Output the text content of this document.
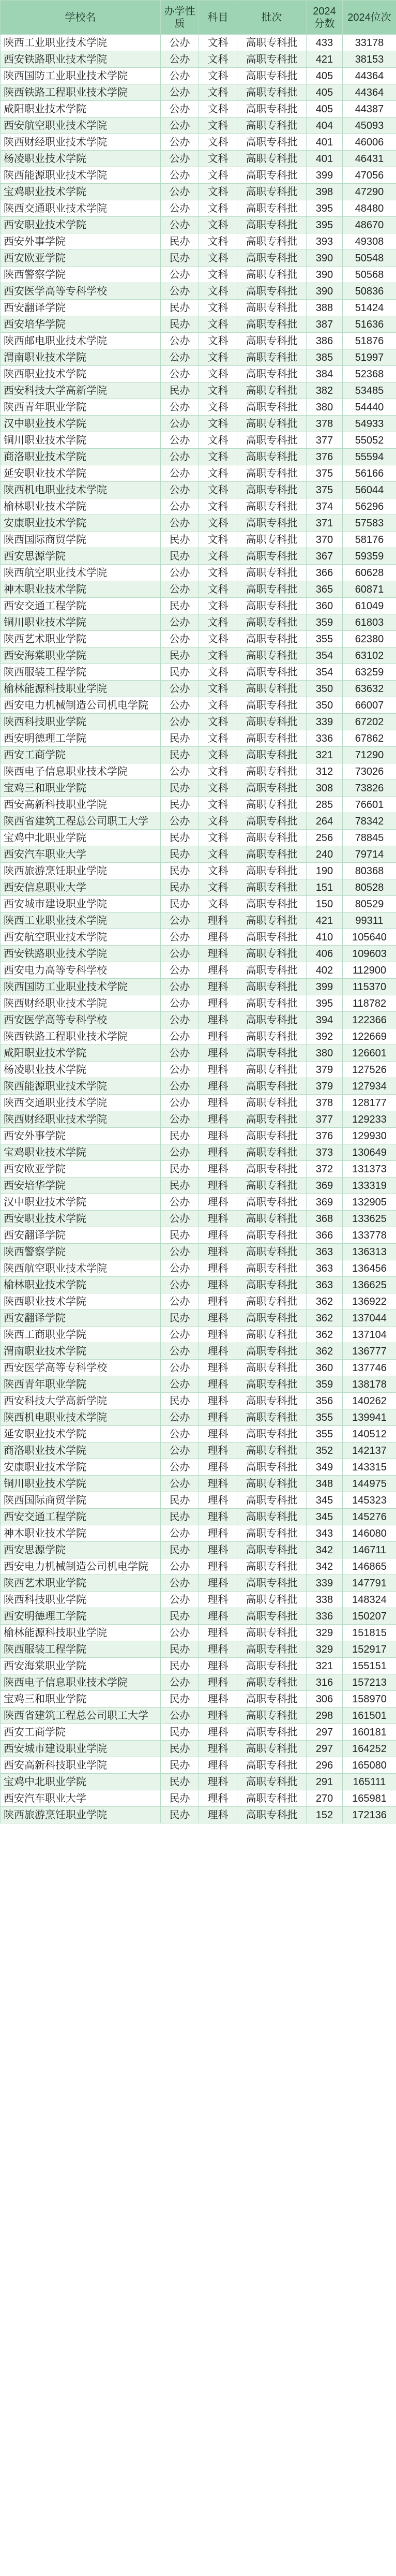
学校名	办学性质	科目	批次	2024分数	2024位次
陕西工业职业技术学院	公办	文科	高职专科批	433	33178
西安铁路职业技术学院	公办	文科	高职专科批	421	38153
陕西国防工业职业技术学院	公办	文科	高职专科批	405	44364
陕西铁路工程职业技术学院	公办	文科	高职专科批	405	44364
咸阳职业技术学院	公办	文科	高职专科批	405	44387
西安航空职业技术学院	公办	文科	高职专科批	404	45093
陕西财经职业技术学院	公办	文科	高职专科批	401	46006
杨凌职业技术学院	公办	文科	高职专科批	401	46431
陕西能源职业技术学院	公办	文科	高职专科批	399	47056
宝鸡职业技术学院	公办	文科	高职专科批	398	47290
陕西交通职业技术学院	公办	文科	高职专科批	395	48480
西安职业技术学院	公办	文科	高职专科批	395	48670
西安外事学院	民办	文科	高职专科批	393	49308
西安欧亚学院	民办	文科	高职专科批	390	50548
陕西警察学院	公办	文科	高职专科批	390	50568
西安医学高等专科学校	公办	文科	高职专科批	390	50836
西安翻译学院	民办	文科	高职专科批	388	51424
西安培华学院	民办	文科	高职专科批	387	51636
陕西邮电职业技术学院	公办	文科	高职专科批	386	51876
渭南职业技术学院	公办	文科	高职专科批	385	51997
陕西职业技术学院	公办	文科	高职专科批	384	52368
西安科技大学高新学院	民办	文科	高职专科批	382	53485
陕西青年职业学院	公办	文科	高职专科批	380	54440
汉中职业技术学院	公办	文科	高职专科批	378	54933
铜川职业技术学院	公办	文科	高职专科批	377	55052
商洛职业技术学院	公办	文科	高职专科批	376	55594
延安职业技术学院	公办	文科	高职专科批	375	56166
陕西机电职业技术学院	公办	文科	高职专科批	375	56044
榆林职业技术学院	公办	文科	高职专科批	374	56296
安康职业技术学院	公办	文科	高职专科批	371	57583
陕西国际商贸学院	民办	文科	高职专科批	370	58176
西安思源学院	民办	文科	高职专科批	367	59359
陕西航空职业技术学院	公办	文科	高职专科批	366	60628
神木职业技术学院	公办	文科	高职专科批	365	60871
西安交通工程学院	民办	文科	高职专科批	360	61049
铜川职业技术学院	公办	文科	高职专科批	359	61803
陕西艺术职业学院	公办	文科	高职专科批	355	62380
西安海棠职业学院	民办	文科	高职专科批	354	63102
陕西服装工程学院	民办	文科	高职专科批	354	63259
榆林能源科技职业学院	公办	文科	高职专科批	350	63632
西安电力机械制造公司机电学院	公办	文科	高职专科批	350	66007
陕西科技职业学院	公办	文科	高职专科批	339	67202
西安明德理工学院	民办	文科	高职专科批	336	67862
西安工商学院	民办	文科	高职专科批	321	71290
陕西电子信息职业技术学院	公办	文科	高职专科批	312	73026
宝鸡三和职业学院	民办	文科	高职专科批	308	73826
西安高新科技职业学院	民办	文科	高职专科批	285	76601
陕西省建筑工程总公司职工大学	公办	文科	高职专科批	264	78342
宝鸡中北职业学院	民办	文科	高职专科批	256	78845
西安汽车职业大学	民办	文科	高职专科批	240	79714
陕西旅游烹饪职业学院	民办	文科	高职专科批	190	80368
西安信息职业大学	民办	文科	高职专科批	151	80528
西安城市建设职业学院	民办	文科	高职专科批	150	80529
陕西工业职业技术学院	公办	理科	高职专科批	421	99311
西安航空职业技术学院	公办	理科	高职专科批	410	105640
西安铁路职业技术学院	公办	理科	高职专科批	406	109603
西安电力高等专科学校	公办	理科	高职专科批	402	112900
陕西国防工业职业技术学院	公办	理科	高职专科批	399	115370
陕西财经职业技术学院	公办	理科	高职专科批	395	118782
西安医学高等专科学校	公办	理科	高职专科批	394	122366
陕西铁路工程职业技术学院	公办	理科	高职专科批	392	122669
咸阳职业技术学院	公办	理科	高职专科批	380	126601
杨凌职业技术学院	公办	理科	高职专科批	379	127526
陕西能源职业技术学院	公办	理科	高职专科批	379	127934
陕西交通职业技术学院	公办	理科	高职专科批	378	128177
陕西财经职业技术学院	公办	理科	高职专科批	377	129233
西安外事学院	民办	理科	高职专科批	376	129930
宝鸡职业技术学院	公办	理科	高职专科批	373	130649
西安欧亚学院	民办	理科	高职专科批	372	131373
西安培华学院	民办	理科	高职专科批	369	133319
汉中职业技术学院	公办	理科	高职专科批	369	132905
西安职业技术学院	公办	理科	高职专科批	368	133625
西安翻译学院	民办	理科	高职专科批	366	133778
陕西警察学院	公办	理科	高职专科批	363	136313
陕西航空职业技术学院	公办	理科	高职专科批	363	136456
榆林职业技术学院	公办	理科	高职专科批	363	136625
陕西职业技术学院	公办	理科	高职专科批	362	136922
西安翻译学院	民办	理科	高职专科批	362	137044
陕西工商职业学院	公办	理科	高职专科批	362	137104
渭南职业技术学院	公办	理科	高职专科批	362	136777
西安医学高等专科学校	公办	理科	高职专科批	360	137746
陕西青年职业学院	公办	理科	高职专科批	359	138178
西安科技大学高新学院	民办	理科	高职专科批	356	140262
陕西机电职业技术学院	公办	理科	高职专科批	355	139941
延安职业技术学院	公办	理科	高职专科批	355	140512
商洛职业技术学院	公办	理科	高职专科批	352	142137
安康职业技术学院	公办	理科	高职专科批	349	143315
铜川职业技术学院	公办	理科	高职专科批	348	144975
陕西国际商贸学院	民办	理科	高职专科批	345	145323
西安交通工程学院	民办	理科	高职专科批	345	145276
神木职业技术学院	公办	理科	高职专科批	343	146080
西安思源学院	民办	理科	高职专科批	342	146711
西安电力机械制造公司机电学院	公办	理科	高职专科批	342	146865
陕西艺术职业学院	公办	理科	高职专科批	339	147791
陕西科技职业学院	公办	理科	高职专科批	338	148324
西安明德理工学院	民办	理科	高职专科批	336	150207
榆林能源科技职业学院	公办	理科	高职专科批	329	151815
陕西服装工程学院	民办	理科	高职专科批	329	152917
西安海棠职业学院	民办	理科	高职专科批	321	155151
陕西电子信息职业技术学院	公办	理科	高职专科批	316	157213
宝鸡三和职业学院	民办	理科	高职专科批	306	158970
陕西省建筑工程总公司职工大学	公办	理科	高职专科批	298	161501
西安工商学院	民办	理科	高职专科批	297	160181
西安城市建设职业学院	民办	理科	高职专科批	297	164252
西安高新科技职业学院	民办	理科	高职专科批	296	165080
宝鸡中北职业学院	民办	理科	高职专科批	291	165111
西安汽车职业大学	民办	理科	高职专科批	270	165981
陕西旅游烹饪职业学院	民办	理科	高职专科批	152	172136
